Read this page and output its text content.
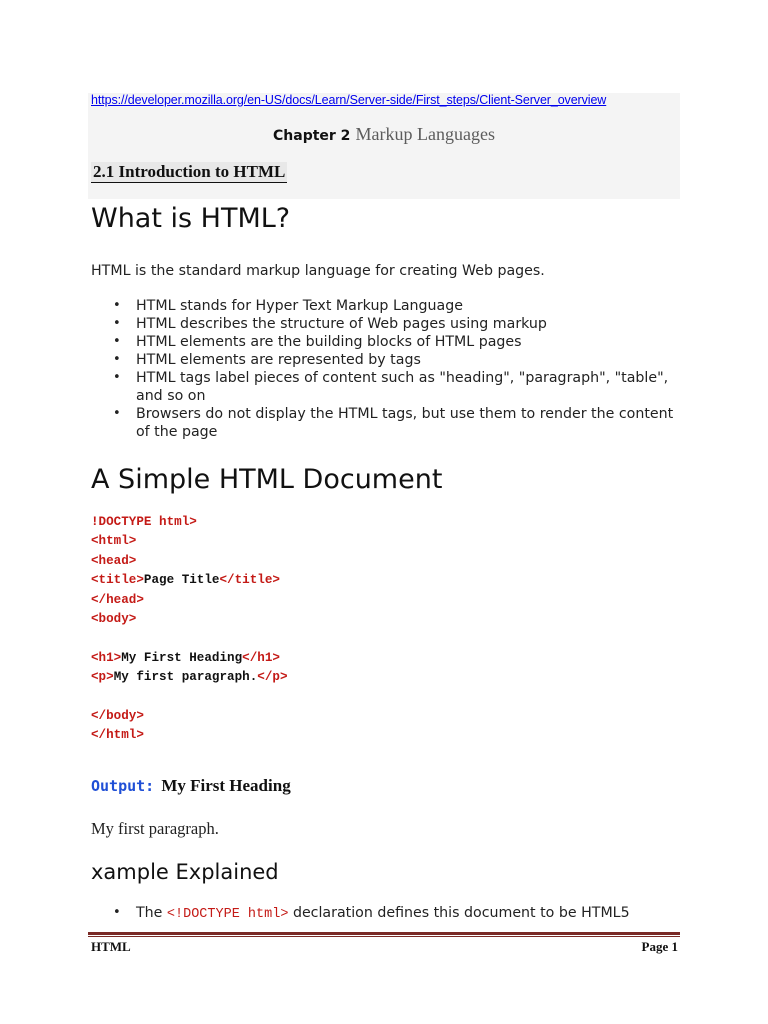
https://developer.mozilla.org/en-US/docs/Learn/Server-side/First_steps/Client-Server_overview
Chapter 2 Markup Languages
2.1 Introduction to HTML
What is HTML?

HTML is the standard markup language for creating Web pages.

• HTML stands for Hyper Text Markup Language
• HTML describes the structure of Web pages using markup
• HTML elements are the building blocks of HTML pages
• HTML elements are represented by tags
• HTML tags label pieces of content such as "heading", "paragraph", "table", and so on
• Browsers do not display the HTML tags, but use them to render the content of the page
A Simple HTML Document
!DOCTYPE html>
<html>
<head>
<title>Page Title</title>
</head>
<body>
<h1>My First Heading</h1>
<p>My first paragraph.</p>
</body>
</html>
Output: My First Heading
My first paragraph.
xample Explained
• The <!DOCTYPE html> declaration defines this document to be HTML5
HTML	Page 1
